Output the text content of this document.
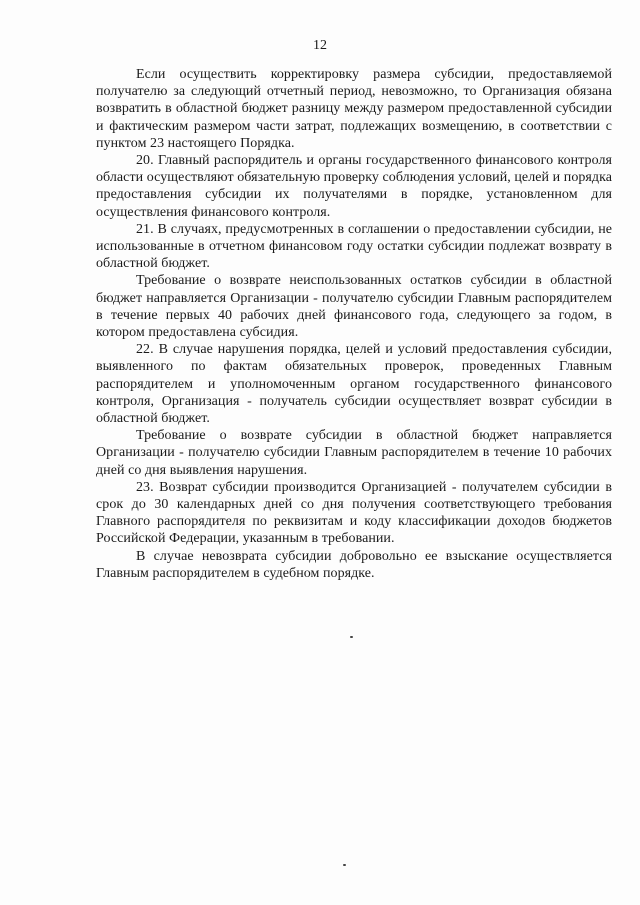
12

Если осуществить корректировку размера субсидии, предоставляемой получателю за следующий отчетный период, невозможно, то Организация обязана возвратить в областной бюджет разницу между размером предоставленной субсидии и фактическим размером части затрат, подлежащих возмещению, в соответствии с пунктом 23 настоящего Порядка.

20. Главный распорядитель и органы государственного финансового контроля области осуществляют обязательную проверку соблюдения условий, целей и порядка предоставления субсидии их получателями в порядке, установленном для осуществления финансового контроля.

21. В случаях, предусмотренных в соглашении о предоставлении субсидии, не использованные в отчетном финансовом году остатки субсидии подлежат возврату в областной бюджет.

Требование о возврате неиспользованных остатков субсидии в областной бюджет направляется Организации - получателю субсидии Главным распорядителем в течение первых 40 рабочих дней финансового года, следующего за годом, в котором предоставлена субсидия.

22. В случае нарушения порядка, целей и условий предоставления субсидии, выявленного по фактам обязательных проверок, проведенных Главным распорядителем и уполномоченным органом государственного финансового контроля, Организация - получатель субсидии осуществляет возврат субсидии в областной бюджет.

Требование о возврате субсидии в областной бюджет направляется Организации - получателю субсидии Главным распорядителем в течение 10 рабочих дней со дня выявления нарушения.

23. Возврат субсидии производится Организацией - получателем субсидии в срок до 30 календарных дней со дня получения соответствующего требования Главного распорядителя по реквизитам и коду классификации доходов бюджетов Российской Федерации, указанным в требовании.

В случае невозврата субсидии добровольно ее взыскание осуществляется Главным распорядителем в судебном порядке.
